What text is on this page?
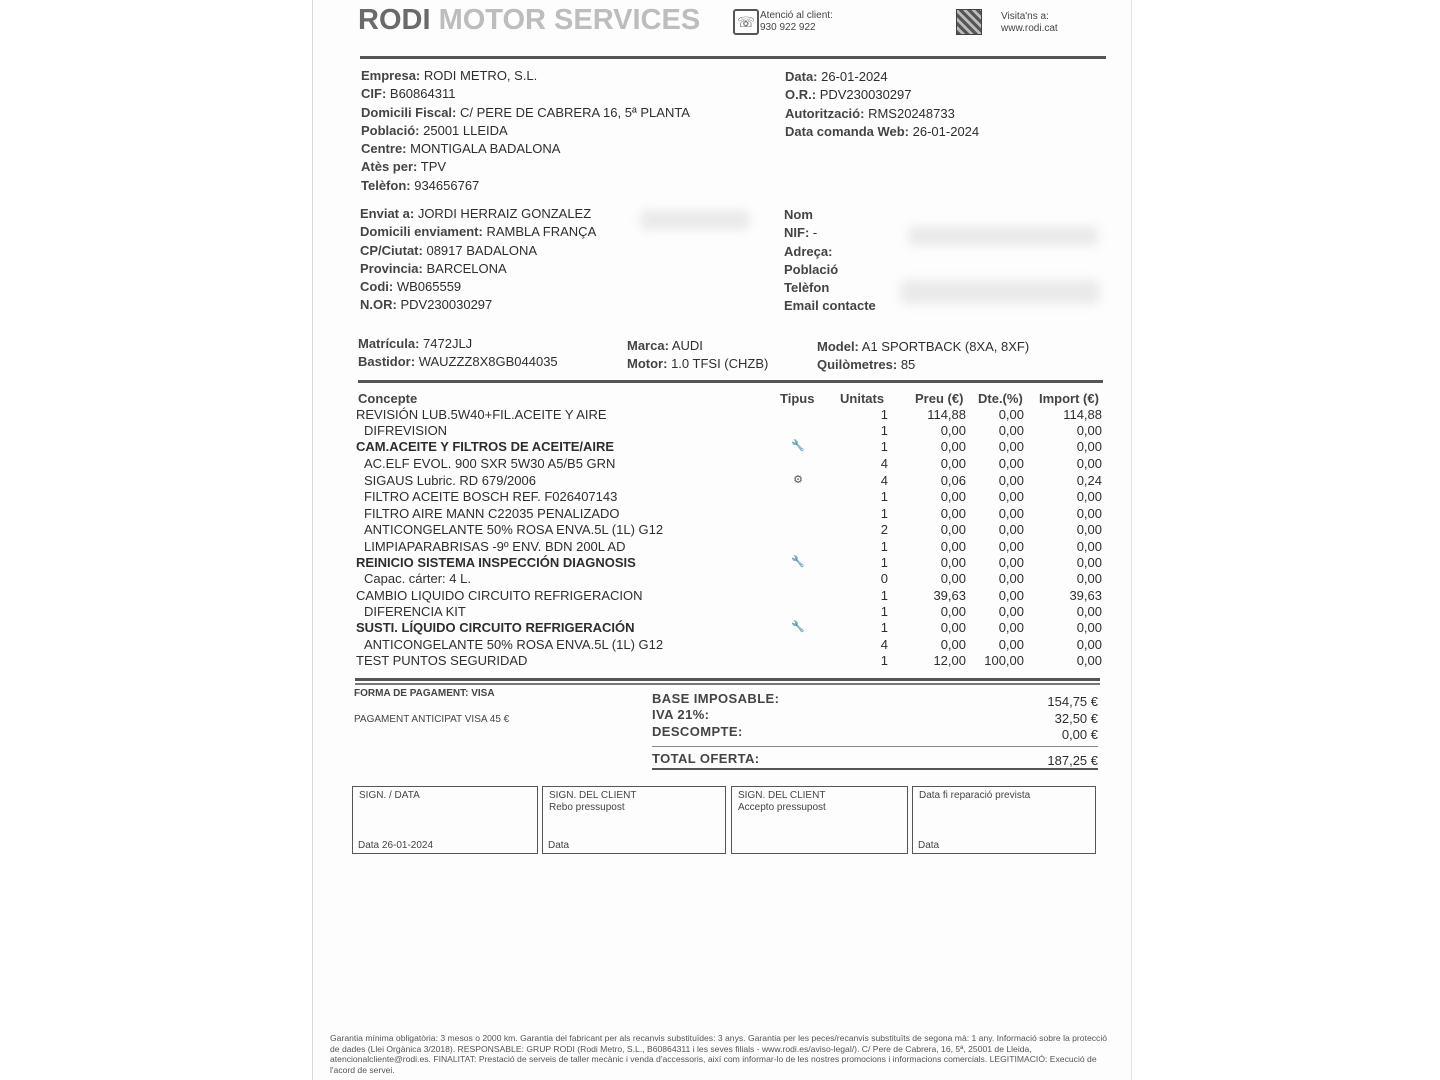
RODI MOTOR SERVICES	☏ Atenció al client:
930 922 922
Visita'ns a:
www.rodi.cat
Empresa: RODI METRO, S.L.
CIF: B60864311
Domicili Fiscal: C/ PERE DE CABRERA 16, 5ª PLANTA
Població: 25001 LLEIDA
Centre: MONTIGALA BADALONA
Atès per: TPV
Telèfon: 934656767
Data: 26-01-2024
O.R.: PDV230030297
Autorització: RMS20248733
Data comanda Web: 26-01-2024
Enviat a: JORDI HERRAIZ GONZALEZ
Domicili enviament: RAMBLA FRANÇA
CP/Ciutat: 08917 BADALONA
Provincia: BARCELONA
Codi: WB065559
N.OR: PDV230030297
Nom
NIF: -
Adreça:
Població
Telèfon
Email contacte
Matrícula: 7472JLJ
Bastidor: WAUZZZ8X8GB044035
Marca: AUDI
Motor: 1.0 TFSI (CHZB)
Model: A1 SPORTBACK (8XA, 8XF)
Quilòmetres: 85
Concepte	Tipus Unitats Preu (€) Dte.(%) Import (€)
REVISIÓN LUB.5W40+FIL.ACEITE Y AIRE	1	114,88	0,00	114,88
DIFREVISION	1	0,00	0,00	0,00
CAM.ACEITE Y FILTROS DE ACEITE/AIRE	1	0,00	0,00	0,00
🔧
AC.ELF EVOL. 900 SXR 5W30 A5/B5 GRN	4	0,00	0,00	0,00
SIGAUS Lubric. RD 679/2006	4	0,06	0,00	0,24
⚙
FILTRO ACEITE BOSCH REF. F026407143	1	0,00	0,00	0,00
FILTRO AIRE MANN C22035 PENALIZADO	1	0,00	0,00	0,00
ANTICONGELANTE 50% ROSA ENVA.5L (1L) G12	2	0,00	0,00	0,00
LIMPIAPARABRISAS -9º ENV. BDN 200L AD	1	0,00	0,00	0,00
REINICIO SISTEMA INSPECCIÓN DIAGNOSIS	1	0,00	0,00	0,00
🔧
Capac. cárter: 4 L.	0	0,00	0,00	0,00
CAMBIO LIQUIDO CIRCUITO REFRIGERACION	1	39,63	0,00	39,63
DIFERENCIA KIT	1	0,00	0,00	0,00
SUSTI. LÍQUIDO CIRCUITO REFRIGERACIÓN	1	0,00	0,00	0,00
🔧
ANTICONGELANTE 50% ROSA ENVA.5L (1L) G12	4	0,00	0,00	0,00
TEST PUNTOS SEGURIDAD	1	12,00	100,00	0,00
FORMA DE PAGAMENT: VISA
PAGAMENT ANTICIPAT VISA 45 €
BASE IMPOSABLE:	154,75 €
IVA 21%:	32,50 €
DESCOMPTE:	0,00 €
TOTAL OFERTA:	187,25 €
SIGN. / DATA
Data 26-01-2024
SIGN. DEL CLIENT
Rebo pressupost
Data
SIGN. DEL CLIENT
Accepto pressupost
Data fi reparació prevista
Data
Garantia mínima obligatòria: 3 mesos o 2000 km. Garantia del fabricant per als recanvis substituïdes: 3 anys. Garantia per les peces/recanvis substituïts de segona mà: 1 any. Informació sobre la protecció de dades (Llei Orgànica 3/2018). RESPONSABLE: GRUP RODI (Rodi Metro, S.L., B60864311 i les seves filials - www.rodi.es/aviso-legal/). C/ Pere de Cabrera, 16, 5ª, 25001 de Lleida, atencionalcliente@rodi.es. FINALITAT: Prestació de serveis de taller mecànic i venda d'accessoris, així com informar-lo de les nostres promocions i informacions comercials. LEGITIMACIÓ: Execució de l'acord de servei.
